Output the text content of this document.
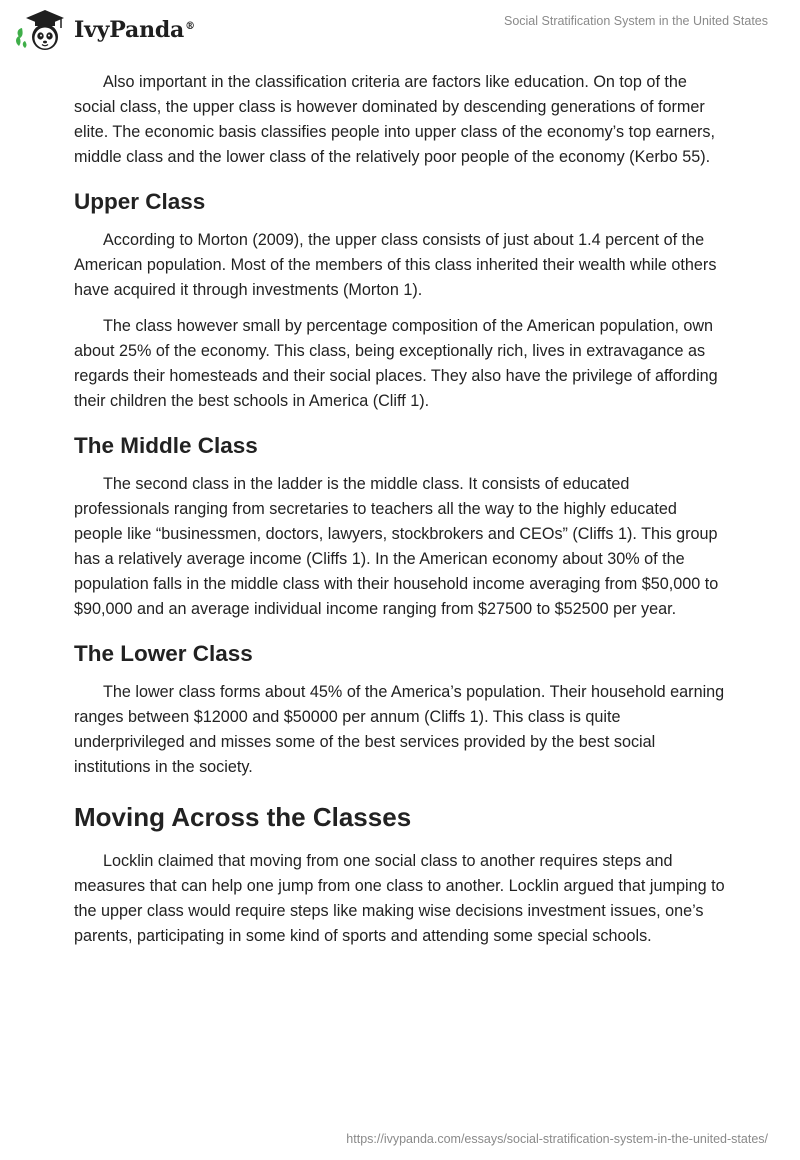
IvyPanda®	Social Stratification System in the United States

Also important in the classification criteria are factors like education. On top of the social class, the upper class is however dominated by descending generations of former elite. The economic basis classifies people into upper class of the economy’s top earners, middle class and the lower class of the relatively poor people of the economy (Kerbo 55).

Upper Class

According to Morton (2009), the upper class consists of just about 1.4 percent of the American population. Most of the members of this class inherited their wealth while others have acquired it through investments (Morton 1).

The class however small by percentage composition of the American population, own about 25% of the economy. This class, being exceptionally rich, lives in extravagance as regards their homesteads and their social places. They also have the privilege of affording their children the best schools in America (Cliff 1).

The Middle Class

The second class in the ladder is the middle class. It consists of educated professionals ranging from secretaries to teachers all the way to the highly educated people like “businessmen, doctors, lawyers, stockbrokers and CEOs” (Cliffs 1). This group has a relatively average income (Cliffs 1). In the American economy about 30% of the population falls in the middle class with their household income averaging from $50,000 to $90,000 and an average individual income ranging from $27500 to $52500 per year.

The Lower Class

The lower class forms about 45% of the America’s population. Their household earning ranges between $12000 and $50000 per annum (Cliffs 1). This class is quite underprivileged and misses some of the best services provided by the best social institutions in the society.

Moving Across the Classes

Locklin claimed that moving from one social class to another requires steps and measures that can help one jump from one class to another. Locklin argued that jumping to the upper class would require steps like making wise decisions investment issues, one’s parents, participating in some kind of sports and attending some special schools.

https://ivypanda.com/essays/social-stratification-system-in-the-united-states/
